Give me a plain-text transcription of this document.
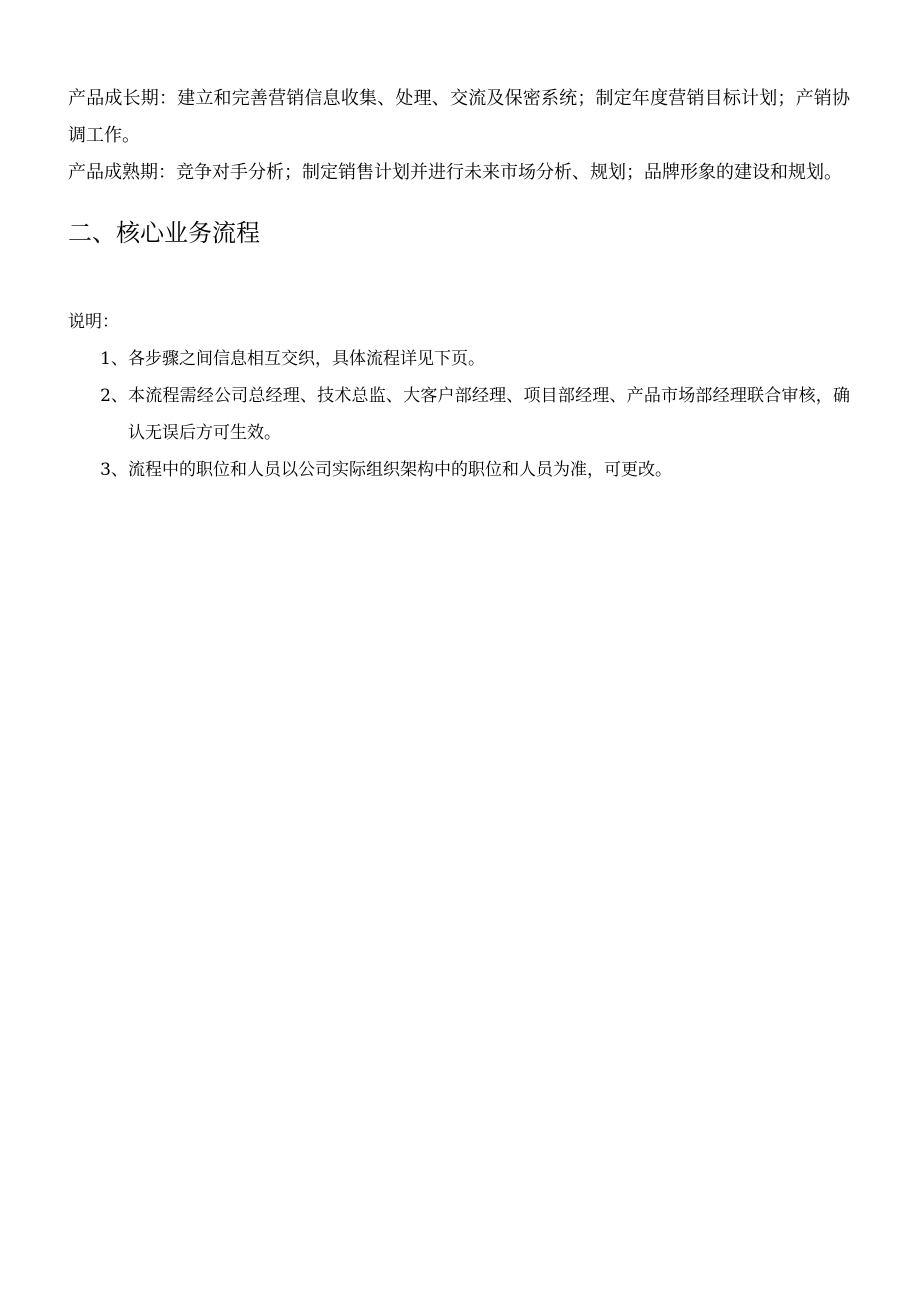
产品成长期：建立和完善营销信息收集、处理、交流及保密系统；制定年度营销目标计划；产销协调工作。

产品成熟期：竞争对手分析；制定销售计划并进行未来市场分析、规划；品牌形象的建设和规划。

二、核心业务流程

说明：

1、 各步骤之间信息相互交织，具体流程详见下页。
2、 本流程需经公司总经理、技术总监、大客户部经理、项目部经理、产品市场部经理联合审核，确认无误后方可生效。
3、 流程中的职位和人员以公司实际组织架构中的职位和人员为准，可更改。
